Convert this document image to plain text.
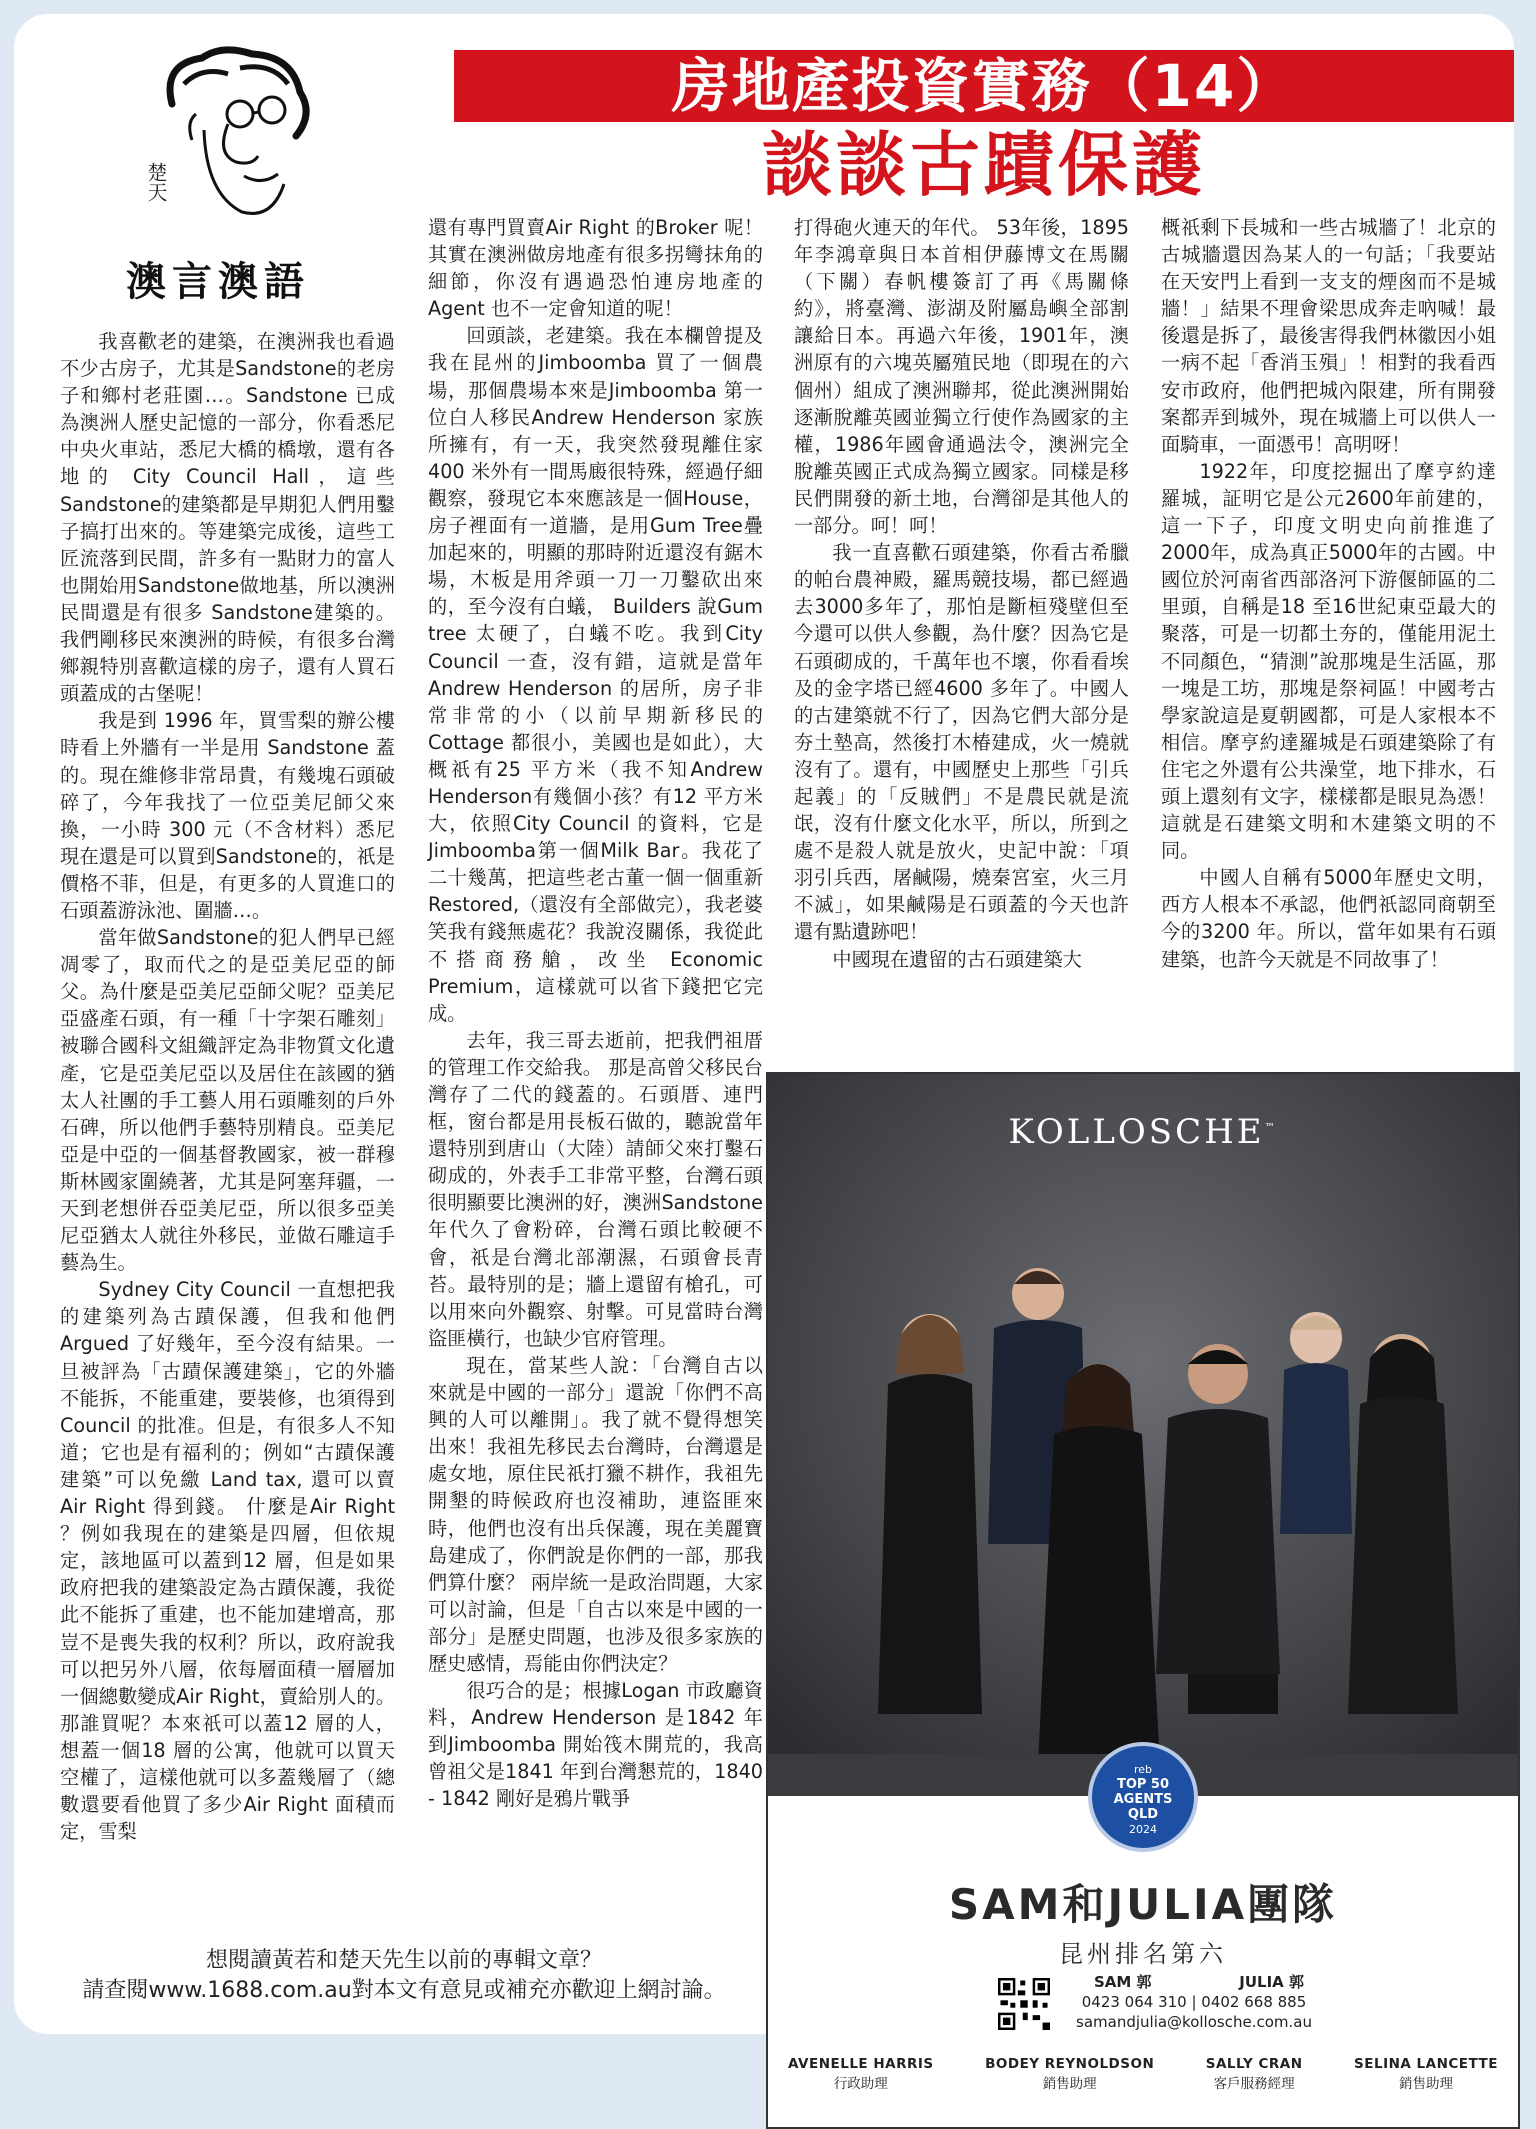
房地產投資實務（14）
談談古蹟保護
楚天
澳言澳語

我喜歡老的建築，在澳洲我也看過不少古房子，尤其是Sandstone的老房子和鄉村老莊園…。Sandstone 已成為澳洲人歷史記憶的一部分，你看悉尼中央火車站，悉尼大橋的橋墩，還有各地的 City Council Hall，這些Sandstone的建築都是早期犯人們用鑿子搞打出來的。等建築完成後，這些工匠流落到民間，許多有一點財力的富人也開始用Sandstone做地基，所以澳洲民間還是有很多 Sandstone建築的。我們剛移民來澳洲的時候，有很多台灣鄉親特別喜歡這樣的房子，還有人買石頭蓋成的古堡呢！

我是到 1996 年，買雪梨的辦公樓時看上外牆有一半是用 Sandstone 蓋的。現在維修非常昂貴，有幾塊石頭破碎了，今年我找了一位亞美尼師父來換，一小時 300 元（不含材料）悉尼現在還是可以買到Sandstone的，祇是價格不菲，但是，有更多的人買進口的石頭蓋游泳池、圍牆…。

當年做Sandstone的犯人們早已經凋零了，取而代之的是亞美尼亞的師父。為什麼是亞美尼亞師父呢？亞美尼亞盛產石頭，有一種「十字架石雕刻」被聯合國科文組織評定為非物質文化遺產，它是亞美尼亞以及居住在該國的猶太人社團的手工藝人用石頭雕刻的戶外石碑，所以他們手藝特別精良。亞美尼亞是中亞的一個基督教國家，被一群穆斯林國家圍繞著，尤其是阿塞拜疆，一天到老想併吞亞美尼亞，所以很多亞美尼亞猶太人就往外移民，並做石雕這手藝為生。

Sydney City Council 一直想把我的建築列為古蹟保護，但我和他們 Argued 了好幾年，至今沒有結果。一旦被評為「古蹟保護建築」，它的外牆不能拆，不能重建，要裝修，也須得到 Council 的批准。但是，有很多人不知道；它也是有福利的；例如“古蹟保護建築”可以免繳 Land tax, 還可以賣 Air Right 得到錢。 什麼是Air Right ？例如我現在的建築是四層，但依規定，該地區可以蓋到12 層，但是如果政府把我的建築設定為古蹟保護，我從此不能拆了重建，也不能加建增高，那豈不是喪失我的权利？所以，政府說我可以把另外八層，依每層面積一層層加一個總數變成Air Right，賣給別人的。那誰買呢？本來祇可以蓋12 層的人，想蓋一個18 層的公寓，他就可以買天空權了，這樣他就可以多蓋幾層了（總數還要看他買了多少Air Right 面積而定，雪梨

還有專門買賣Air Right 的Broker 呢！其實在澳洲做房地產有很多拐彎抹角的細節，你沒有遇過恐怕連房地產的Agent 也不一定會知道的呢！

回頭談，老建築。我在本欄曾提及我在昆州的Jimboomba 買了一個農場，那個農場本來是Jimboomba 第一位白人移民Andrew Henderson 家族所擁有，有一天，我突然發現離住家400 米外有一間馬廄很特殊，經過仔細觀察，發現它本來應該是一個House，房子裡面有一道牆，是用Gum Tree疊加起來的，明顯的那時附近還沒有鋸木場，木板是用斧頭一刀一刀鑿砍出來的，至今沒有白蟻， Builders 說Gum tree 太硬了，白蟻不吃。我到City Council 一查，沒有錯，這就是當年Andrew Henderson 的居所，房子非常非常的小（以前早期新移民的Cottage 都很小，美國也是如此），大概祇有25 平方米（我不知Andrew Henderson有幾個小孩？有12 平方米大，依照City Council 的資料，它是Jimboomba第一個Milk Bar。我花了二十幾萬，把這些老古董一個一個重新 Restored,（還沒有全部做完），我老婆笑我有錢無處花？我說沒關係，我從此不搭商務艙，改坐 Economic Premium，這樣就可以省下錢把它完成。

去年，我三哥去逝前，把我們祖厝的管理工作交給我。 那是高曾父移民台灣存了二代的錢蓋的。石頭厝、連門框，窗台都是用長板石做的，聽說當年還特別到唐山（大陸）請師父來打鑿石砌成的，外表手工非常平整，台灣石頭很明顯要比澳洲的好，澳洲Sandstone 年代久了會粉碎，台灣石頭比較硬不會，祇是台灣北部潮濕，石頭會長青苔。最特別的是；牆上還留有槍孔，可以用來向外觀察、射擊。可見當時台灣盜匪橫行，也缺少官府管理。

現在，當某些人說：「台灣自古以來就是中國的一部分」還說「你們不高興的人可以離開」。我了就不覺得想笑出來！我祖先移民去台灣時，台灣還是處女地，原住民祇打獵不耕作，我祖先開墾的時候政府也沒補助，連盜匪來時，他們也沒有出兵保護，現在美麗寶島建成了，你們說是你們的一部，那我們算什麼？ 兩岸統一是政治問題，大家可以討論，但是「自古以來是中國的一部分」是歷史問題，也涉及很多家族的歷史感情，焉能由你們決定？

很巧合的是；根據Logan 市政廳資料，Andrew Henderson 是1842 年到Jimboomba 開始筏木開荒的，我高曾祖父是1841 年到台灣懇荒的，1840 - 1842 剛好是鴉片戰爭

打得砲火連天的年代。 53年後，1895 年李鴻章與日本首相伊藤博文在馬關（下關）春帆樓簽訂了再《馬關條約》，將臺灣、澎湖及附屬島嶼全部割讓給日本。再過六年後，1901年，澳洲原有的六塊英屬殖民地（即現在的六個州）組成了澳洲聯邦，從此澳洲開始逐漸脫離英國並獨立行使作為國家的主權，1986年國會通過法令，澳洲完全脫離英國正式成為獨立國家。同樣是移民們開發的新土地，台灣卻是其他人的一部分。呵！呵！

我一直喜歡石頭建築，你看古希臘的帕台農神殿，羅馬競技場，都已經過去3000多年了，那怕是斷桓殘壁但至今還可以供人參觀，為什麼？因為它是石頭砌成的，千萬年也不壞，你看看埃及的金字塔已經4600 多年了。中國人的古建築就不行了，因為它們大部分是夯土墊高，然後打木椿建成，火一燒就沒有了。還有，中國歷史上那些「引兵起義」的「反賊們」不是農民就是流氓，沒有什麼文化水平，所以，所到之處不是殺人就是放火，史記中說：「項羽引兵西，屠鹹陽，燒秦宮室，火三月不滅」，如果鹹陽是石頭蓋的今天也許還有點遺跡吧！

中國現在遺留的古石頭建築大

概祇剩下長城和一些古城牆了！北京的古城牆還因為某人的一句話；「我要站在天安門上看到一支支的煙囪而不是城牆！」結果不理會梁思成奔走吶喊！最後還是拆了，最後害得我們林徽因小姐一病不起「香消玉殞」！相對的我看西安市政府，他們把城內限建，所有開發案都弄到城外，現在城牆上可以供人一面騎車，一面憑弔！高明呀！

1922年，印度挖掘出了摩亨約達羅城，証明它是公元2600年前建的，這一下子，印度文明史向前推進了2000年，成為真正5000年的古國。中國位於河南省西部洛河下游偃師區的二里頭，自稱是18 至16世紀東亞最大的聚落，可是一切都土夯的，僅能用泥土不同顏色，“猜測”說那塊是生活區，那一塊是工坊，那塊是祭祠區！中國考古學家說這是夏朝國都，可是人家根本不相信。摩亨約達羅城是石頭建築除了有住宅之外還有公共澡堂，地下排水，石頭上還刻有文字，樣樣都是眼見為憑！這就是石建築文明和木建築文明的不同。

中國人自稱有5000年歷史文明，西方人根本不承認，他們祇認同商朝至今的3200 年。所以，當年如果有石頭建築，也許今天就是不同故事了！

想閱讀黃若和楚天先生以前的專輯文章？
請查閱www.1688.com.au對本文有意見或補充亦歡迎上網討論。
KOLLOSCHE™
reb
TOP 50
AGENTS
QLD
2024
SAM和JULIA團隊
昆州排名第六
SAM 郭	JULIA 郭
0423 064 310 | 0402 668 885
samandjulia@kollosche.com.au
AVENELLE HARRIS
行政助理
BODEY REYNOLDSON
銷售助理
SALLY CRAN
客戶服務經理
SELINA LANCETTE
銷售助理
